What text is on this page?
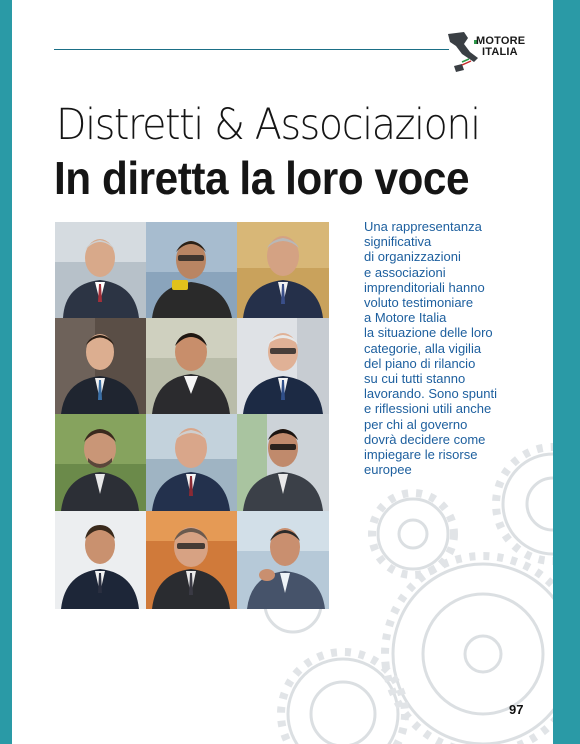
MOTORE
ITALIA
Distretti & Associazioni
In diretta la loro voce
Una rappresentanza
significativa
di organizzazioni
e associazioni
imprenditoriali hanno
voluto testimoniare
a Motore Italia
la situazione delle loro
categorie, alla vigilia
del piano di rilancio
su cui tutti stanno
lavorando. Sono spunti
e riflessioni utili anche
per chi al governo
dovrà decidere come
impiegare le risorse
europee
97
